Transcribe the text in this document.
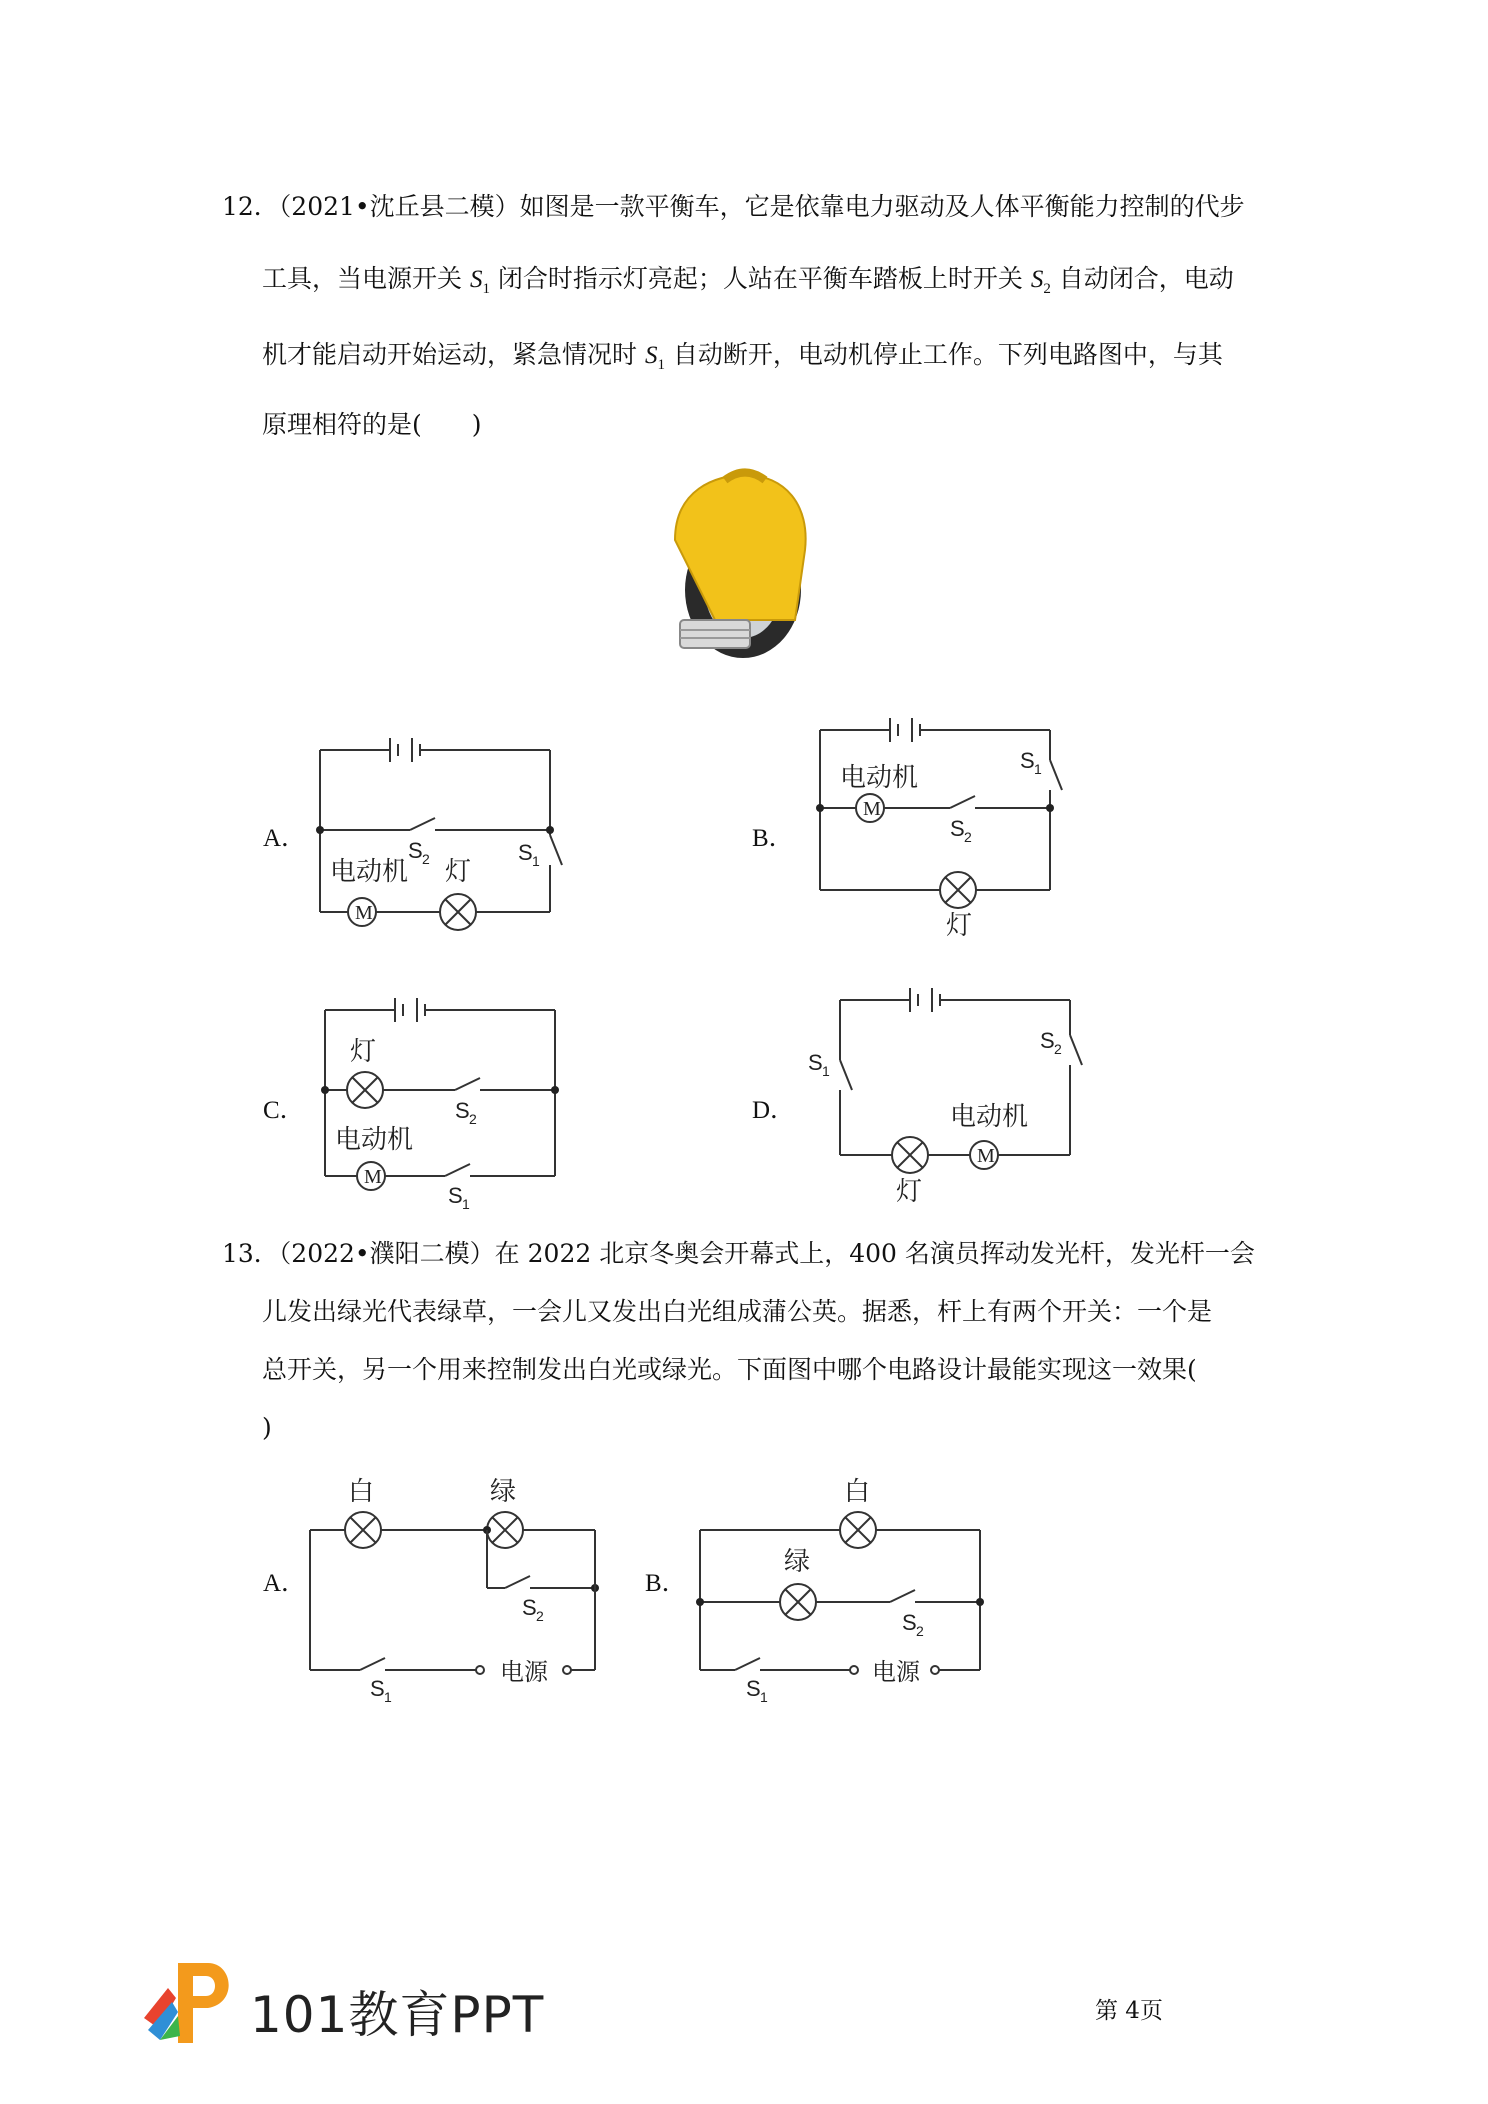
12．（2021•沈丘县二模）如图是一款平衡车，它是依靠电力驱动及人体平衡能力控制的代步
工具，当电源开关 $S_1$ 闭合时指示灯亮起；人站在平衡车踏板上时开关 $S_2$ 自动闭合，电动
机才能启动开始运动，紧急情况时 $S_1$ 自动断开，电动机停止工作。下列电路图中，与其
原理相符的是(　　)
A．
M
电动机 灯
S 2	S 1
B．
M
电动机
灯
S 2
S 1
C．
M
灯
电动机
S 2
S 1
D．
M
电动机
灯
S 1
S 2
13．（2022•濮阳二模）在 2022 北京冬奥会开幕式上，400 名演员挥动发光杆，发光杆一会
儿发出绿光代表绿草，一会儿又发出白光组成蒲公英。据悉，杆上有两个开关：一个是
总开关，另一个用来控制发出白光或绿光。下面图中哪个电路设计最能实现这一效果(
)
A．
白	绿
S 2
S 1
电源
B．
白
绿
S 2
S 1
电源
101教育PPT	第 4页
